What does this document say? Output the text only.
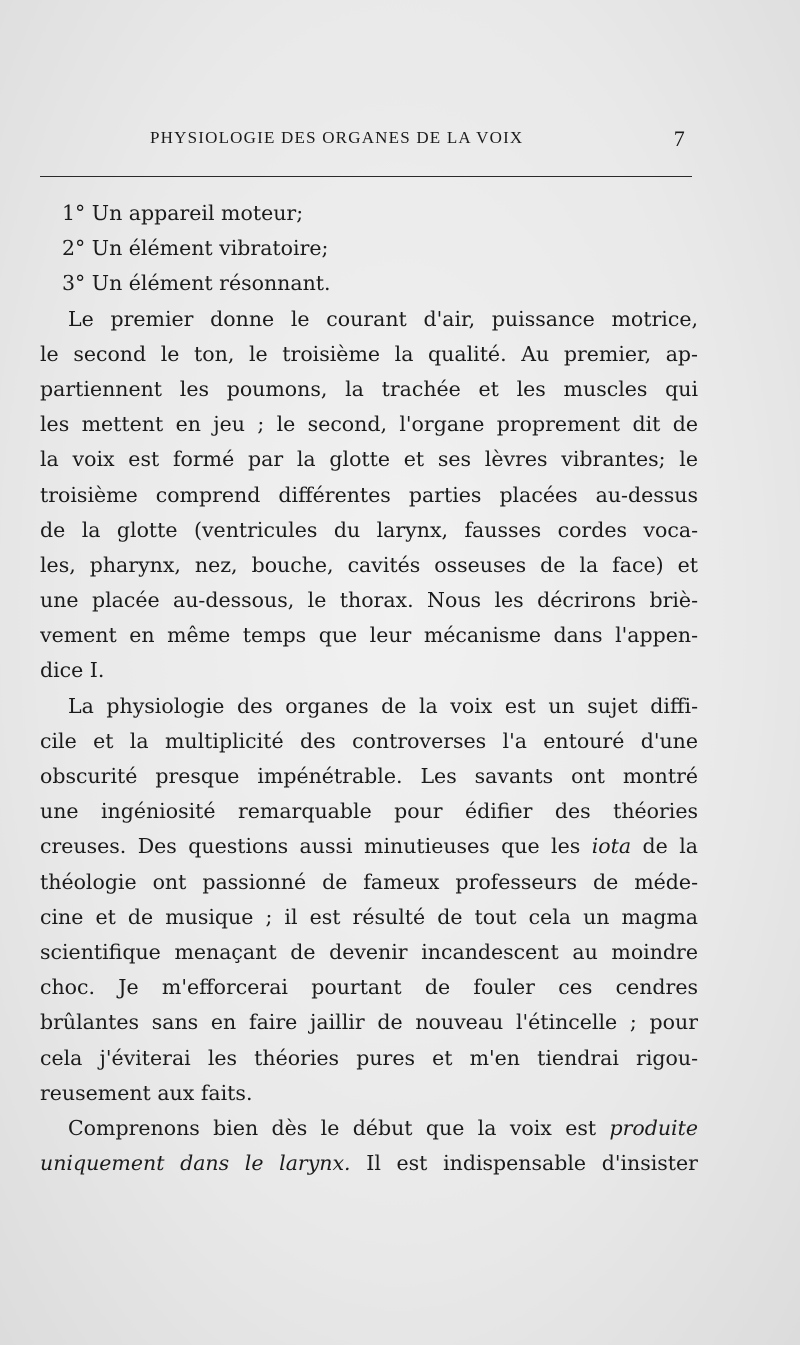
PHYSIOLOGIE DES ORGANES DE LA VOIX	7
1° Un appareil moteur;
2° Un élément vibratoire;
3° Un élément résonnant.
Le premier donne le courant d'air, puissance motrice,
le second le ton, le troisième la qualité. Au premier, ap-
partiennent les poumons, la trachée et les muscles qui
les mettent en jeu ; le second, l'organe proprement dit de
la voix est formé par la glotte et ses lèvres vibrantes; le
troisième comprend différentes parties placées au-dessus
de la glotte (ventricules du larynx, fausses cordes voca-
les, pharynx, nez, bouche, cavités osseuses de la face) et
une placée au-dessous, le thorax. Nous les décrirons briè-
vement en même temps que leur mécanisme dans l'appen-
dice I.
La physiologie des organes de la voix est un sujet diffi-
cile et la multiplicité des controverses l'a entouré d'une
obscurité presque impénétrable. Les savants ont montré
une ingéniosité remarquable pour édifier des théories
creuses. Des questions aussi minutieuses que les iota de la
théologie ont passionné de fameux professeurs de méde-
cine et de musique ; il est résulté de tout cela un magma
scientifique menaçant de devenir incandescent au moindre
choc. Je m'efforcerai pourtant de fouler ces cendres
brûlantes sans en faire jaillir de nouveau l'étincelle ; pour
cela j'éviterai les théories pures et m'en tiendrai rigou-
reusement aux faits.
Comprenons bien dès le début que la voix est produite
uniquement dans le larynx. Il est indispensable d'insister
